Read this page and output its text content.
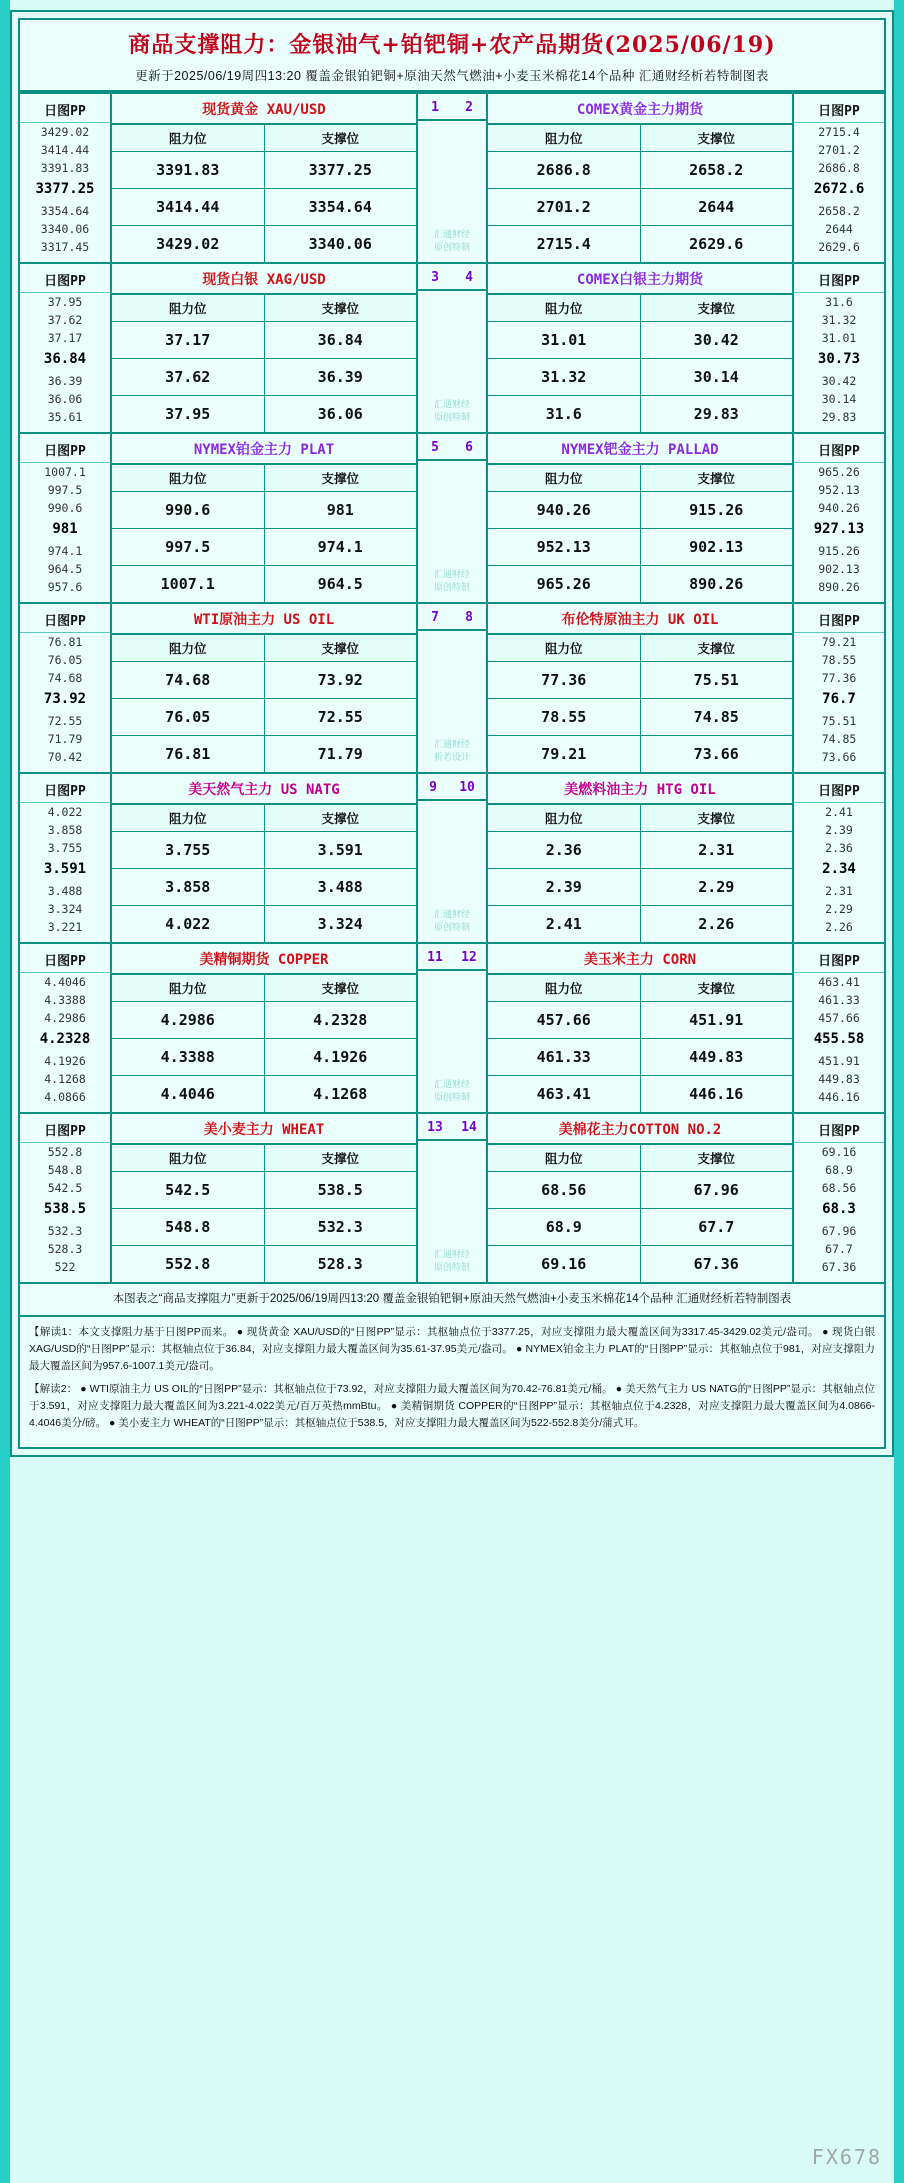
商品支撑阻力：金银油气+铂钯铜+农产品期货(2025/06/19)
更新于2025/06/19周四13:20 覆盖金银铂钯铜+原油天然气燃油+小麦玉米棉花14个品种 汇通财经析若特制图表
日图PP
3429.02
3414.44
3391.83
3377.25
3354.64
3340.06
3317.45
现货黄金 XAU/USD
阻力位	支撑位
3391.83	3377.25
3414.44	3354.64
3429.02	3340.06
1 2
汇通财经
原创特制
COMEX黄金主力期货
阻力位	支撑位
2686.8	2658.2
2701.2	2644
2715.4	2629.6
日图PP
2715.4
2701.2
2686.8
2672.6
2658.2
2644
2629.6
日图PP
37.95
37.62
37.17
36.84
36.39
36.06
35.61
现货白银 XAG/USD
阻力位	支撑位
37.17	36.84
37.62	36.39
37.95	36.06
3 4
汇通财经
原创特制
COMEX白银主力期货
阻力位	支撑位
31.01	30.42
31.32	30.14
31.6	29.83
日图PP
31.6
31.32
31.01
30.73
30.42
30.14
29.83
日图PP
1007.1
997.5
990.6
981
974.1
964.5
957.6
NYMEX铂金主力 PLAT
阻力位	支撑位
990.6	981
997.5	974.1
1007.1	964.5
5 6
汇通财经
原创特制
NYMEX钯金主力 PALLAD
阻力位	支撑位
940.26	915.26
952.13	902.13
965.26	890.26
日图PP
965.26
952.13
940.26
927.13
915.26
902.13
890.26
日图PP
76.81
76.05
74.68
73.92
72.55
71.79
70.42
WTI原油主力 US OIL
阻力位	支撑位
74.68	73.92
76.05	72.55
76.81	71.79
7 8
汇通财经
析若设计
布伦特原油主力 UK OIL
阻力位	支撑位
77.36	75.51
78.55	74.85
79.21	73.66
日图PP
79.21
78.55
77.36
76.7
75.51
74.85
73.66
日图PP
4.022
3.858
3.755
3.591
3.488
3.324
3.221
美天然气主力 US NATG
阻力位	支撑位
3.755	3.591
3.858	3.488
4.022	3.324
9 10
汇通财经
原创特制
美燃料油主力 HTG OIL
阻力位	支撑位
2.36	2.31
2.39	2.29
2.41	2.26
日图PP
2.41
2.39
2.36
2.34
2.31
2.29
2.26
日图PP
4.4046
4.3388
4.2986
4.2328
4.1926
4.1268
4.0866
美精铜期货 COPPER
阻力位	支撑位
4.2986	4.2328
4.3388	4.1926
4.4046	4.1268
11 12
汇通财经
原创特制
美玉米主力 CORN
阻力位	支撑位
457.66	451.91
461.33	449.83
463.41	446.16
日图PP
463.41
461.33
457.66
455.58
451.91
449.83
446.16
日图PP
552.8
548.8
542.5
538.5
532.3
528.3
522
美小麦主力 WHEAT
阻力位	支撑位
542.5	538.5
548.8	532.3
552.8	528.3
13 14
汇通财经
原创特制
美棉花主力COTTON NO.2
阻力位	支撑位
68.56	67.96
68.9	67.7
69.16	67.36
日图PP
69.16
68.9
68.56
68.3
67.96
67.7
67.36
本图表之“商品支撑阻力”更新于2025/06/19周四13:20 覆盖金银铂钯铜+原油天然气燃油+小麦玉米棉花14个品种 汇通财经析若特制图表

【解读1：本文支撑阻力基于日图PP而来。 ● 现货黄金 XAU/USD的“日图PP”显示：其枢轴点位于3377.25，对应支撑阻力最大覆盖区间为3317.45-3429.02美元/盎司。 ● 现货白银 XAG/USD的“日图PP”显示：其枢轴点位于36.84，对应支撑阻力最大覆盖区间为35.61-37.95美元/盎司。 ● NYMEX铂金主力 PLAT的“日图PP”显示：其枢轴点位于981，对应支撑阻力最大覆盖区间为957.6-1007.1美元/盎司。

【解读2： ● WTI原油主力 US OIL的“日图PP”显示：其枢轴点位于73.92，对应支撑阻力最大覆盖区间为70.42-76.81美元/桶。 ● 美天然气主力 US NATG的“日图PP”显示：其枢轴点位于3.591，对应支撑阻力最大覆盖区间为3.221-4.022美元/百万英热mmBtu。 ● 美精铜期货 COPPER的“日图PP”显示：其枢轴点位于4.2328，对应支撑阻力最大覆盖区间为4.0866-4.4046美分/磅。 ● 美小麦主力 WHEAT的“日图PP”显示：其枢轴点位于538.5，对应支撑阻力最大覆盖区间为522-552.8美分/蒲式耳。

FX678
